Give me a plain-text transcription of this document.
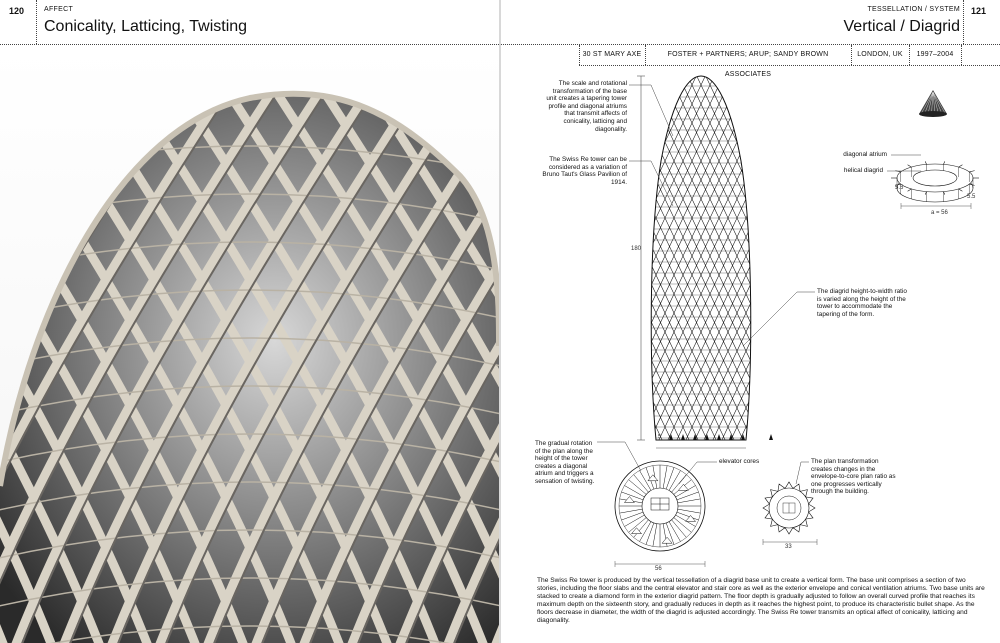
120	AFFECT
Conicality, Latticing, Twisting
TESSELLATION / SYSTEM
Vertical / Diagrid
121
30 ST MARY AXE	FOSTER + PARTNERS; ARUP; SANDY BROWN ASSOCIATES
LONDON, UK	1997–2004
180
5
The scale and rotational transformation of the base unit creates a tapering tower profile and diagonal atriums that transmit affects of conicality, latticing and diagonality.
The Swiss Re tower can be considered as a variation of Bruno Taut's Glass Pavilion of 1914.
The diagrid height-to-width ratio is varied along the height of the tower to accommodate the tapering of the form.
The gradual rotation of the plan along the height of the tower creates a diagonal atrium and triggers a sensation of twisting.
The plan transformation creates changes in the envelope-to-core plan ratio as one progresses vertically through the building.
elevator cores
diagonal atrium
helical diagrid
5.5
5.5
a = 56
56
33
The Swiss Re tower is produced by the vertical tessellation of a diagrid base unit to create a vertical form. The base unit comprises a section of two stories, including the floor slabs and the central elevator and stair core as well as the exterior envelope and conical ventilation atriums. Two base units are stacked to create a diamond form in the exterior diagrid pattern. The floor depth is gradually adjusted to follow an overall curved profile that reaches its maximum depth on the sixteenth story, and gradually reduces in depth as it reaches the highest point, to produce its characteristic bullet shape. As the floors decrease in diameter, the width of the diagrid is adjusted accordingly. The Swiss Re tower transmits an optical affect of conicality, latticing and diagonality.
